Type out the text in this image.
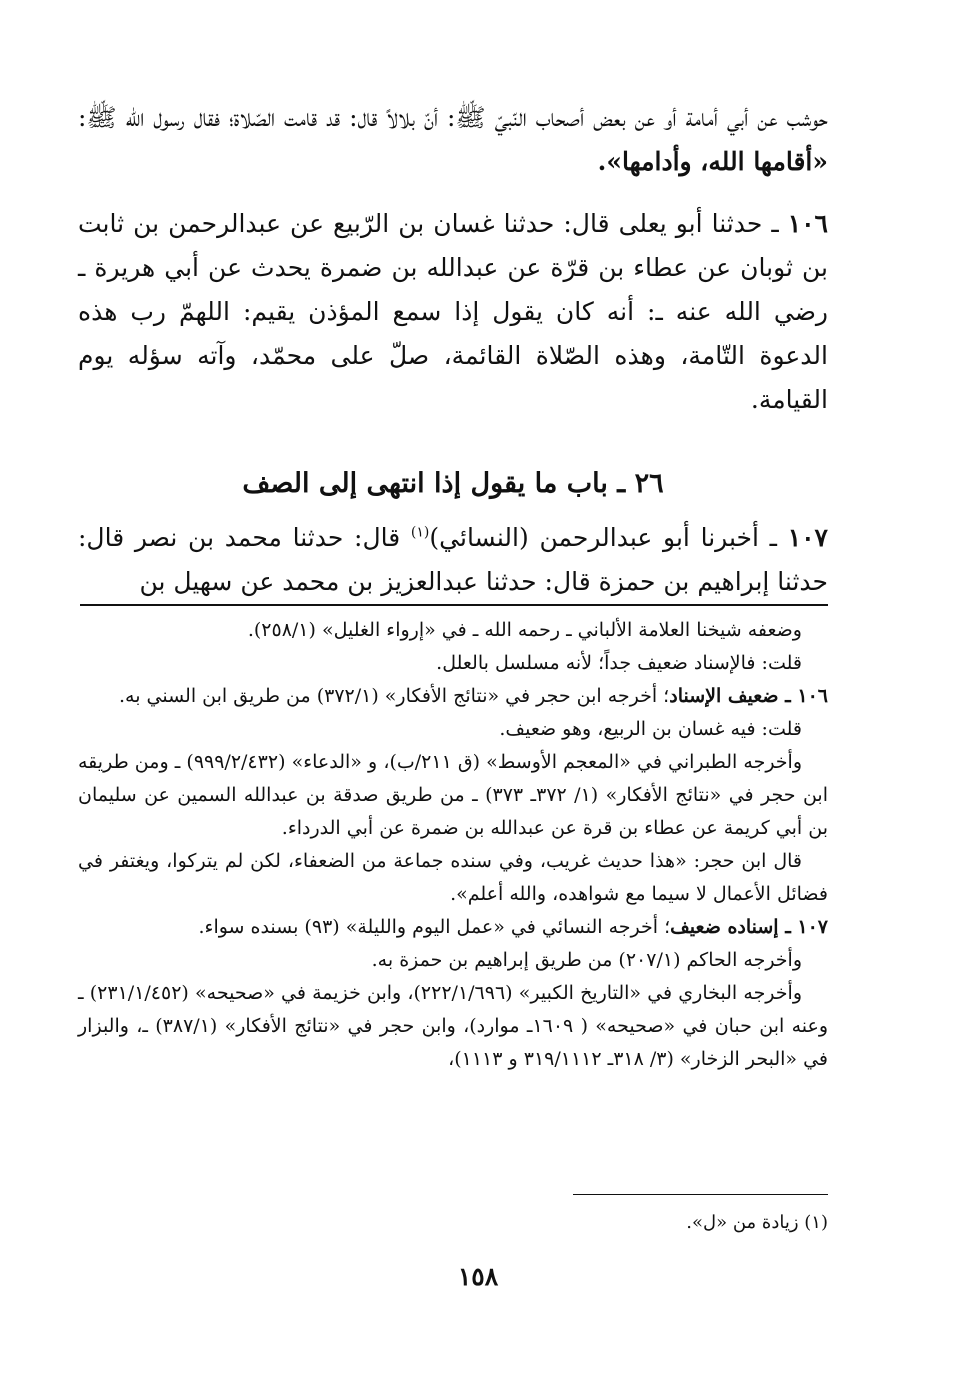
حوشب عن أبي أمامة أو عن بعض أصحاب النّبيّ ﷺ: أنّ بلالاً قال: قد قامت الصّلاة؛ فقال رسول الله ﷺ: «أقامها الله، وأدامها».

١٠٦ ـ حدثنا أبو يعلى قال: حدثنا غسان بن الرّبيع عن عبدالرحمن بن ثابت بن ثوبان عن عطاء بن قرّة عن عبدالله بن ضمرة يحدث عن أبي هريرة ـ رضي الله عنه ـ: أنه كان يقول إذا سمع المؤذن يقيم: اللهمّ رب هذه الدعوة التّامة، وهذه الصّلاة القائمة، صلّ على محمّد، وآته سؤله يوم القيامة.

٢٦ ـ باب ما يقول إذا انتهى إلى الصف

١٠٧ ـ أخبرنا أبو عبدالرحمن (النسائي)$^{(١)}$ قال: حدثنا محمد بن نصر قال: حدثنا إبراهيم بن حمزة قال: حدثنا عبدالعزيز بن محمد عن سهيل بن

وضعفه شيخنا العلامة الألباني ـ رحمه الله ـ في «إرواء الغليل» (٢٥٨/١).

قلت: فالإسناد ضعيف جداً؛ لأنه مسلسل بالعلل.

١٠٦ ـ ضعيف الإسناد؛ أخرجه ابن حجر في «نتائج الأفكار» (٣٧٢/١) من طريق ابن السني به.

قلت: فيه غسان بن الربيع، وهو ضعيف.

وأخرجه الطبراني في «المعجم الأوسط» (ق ٢١١/ب)، و «الدعاء» (٩٩٩/٢/٤٣٢) ـ ومن طريقه ابن حجر في «نتائج الأفكار» (١/ ٣٧٢ـ ٣٧٣) ـ من طريق صدقة بن عبدالله السمين عن سليمان بن أبي كريمة عن عطاء بن قرة عن عبدالله بن ضمرة عن أبي الدرداء.

قال ابن حجر: «هذا حديث غريب، وفي سنده جماعة من الضعفاء، لكن لم يتركوا، ويغتفر في فضائل الأعمال لا سيما مع شواهده، والله أعلم».

١٠٧ ـ إسناده ضعيف؛ أخرجه النسائي في «عمل اليوم والليلة» (٩٣) بسنده سواء.

وأخرجه الحاكم (٢٠٧/١) من طريق إبراهيم بن حمزة به.

وأخرجه البخاري في «التاريخ الكبير» (٢٢٢/١/٦٩٦)، وابن خزيمة في «صحيحه» (٢٣١/١/٤٥٢) ـ وعنه ابن حبان في «صحيحه» ( ١٦٠٩ـ موارد)، وابن حجر في «نتائج الأفكار» (٣٨٧/١) ـ، والبزار في «البحر الزخار» (٣/ ٣١٨ـ ٣١٩/١١١٢ و ١١١٣)،

(١) زيادة من «ل».
١٥٨
